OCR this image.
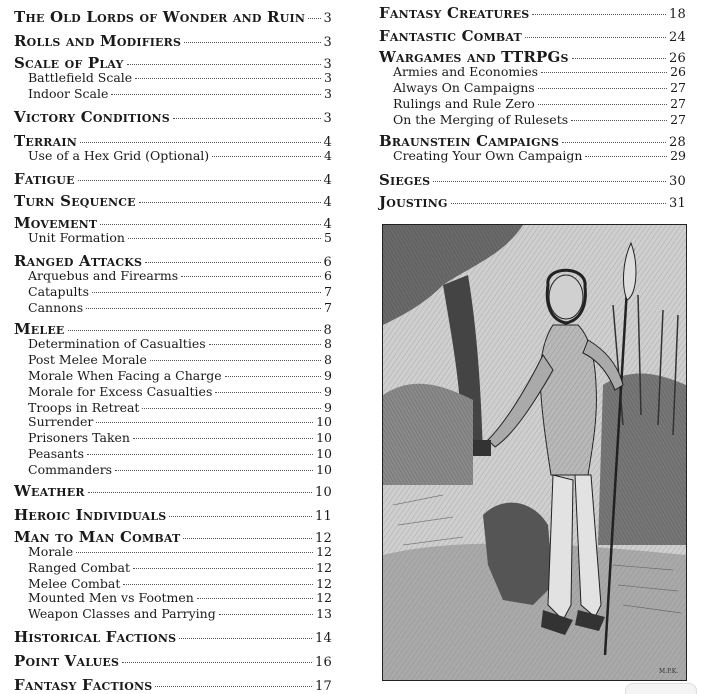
The Old Lords of Wonder and Ruin 3
Rolls and Modifiers	3
Scale of Play	3
Battlefield Scale	3
Indoor Scale	3
Victory Conditions	3
Terrain	4
Use of a Hex Grid (Optional)	4
Fatigue	4
Turn Sequence	4
Movement	4
Unit Formation	5
Ranged Attacks	6
Arquebus and Firearms	6
Catapults	7
Cannons	7
Melee	8
Determination of Casualties	8
Post Melee Morale	8
Morale When Facing a Charge	9
Morale for Excess Casualties	9
Troops in Retreat	9
Surrender	10
Prisoners Taken	10
Peasants	10
Commanders	10
Weather	10
Heroic Individuals	11
Man to Man Combat	12
Morale	12
Ranged Combat	12
Melee Combat	12
Mounted Men vs Footmen	12
Weapon Classes and Parrying	13
Historical Factions	14
Point Values	16
Fantasy Factions	17
Fantasy Creatures	18
Fantastic Combat	24
Wargames and TTRPGs	26
Armies and Economies	26
Always On Campaigns	27
Rulings and Rule Zero	27
On the Merging of Rulesets	27
Braunstein Campaigns	28
Creating Your Own Campaign	29
Sieges	30
Jousting	31
M.P.K.
